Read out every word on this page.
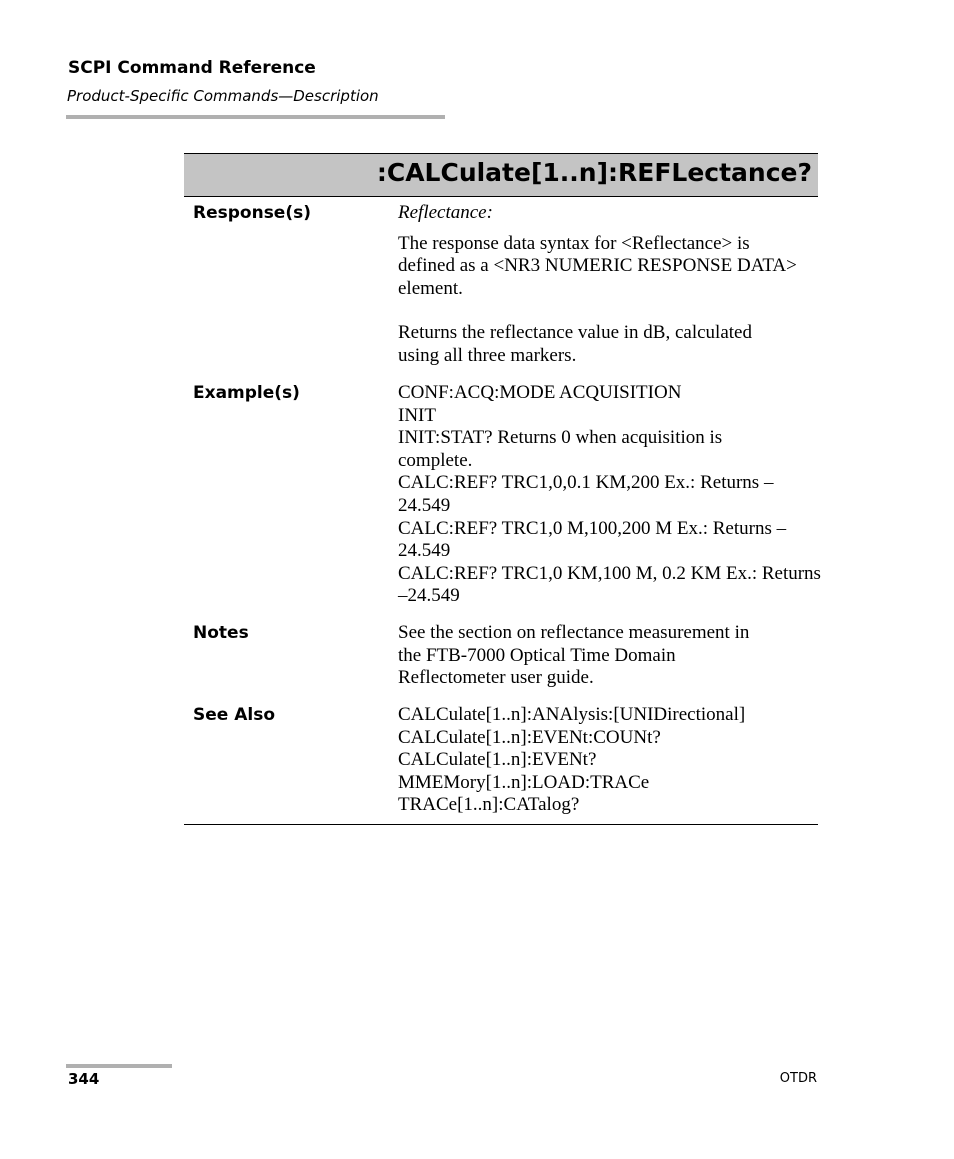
SCPI Command Reference
Product-Specific Commands—Description
:CALCulate[1..n]:REFLectance?
Response(s)	Reflectance:
The response data syntax for <Reflectance> is
defined as a <NR3 NUMERIC RESPONSE DATA>
element.
Returns the reflectance value in dB, calculated
using all three markers.
Example(s)	CONF:ACQ:MODE ACQUISITION
INIT
INIT:STAT? Returns 0 when acquisition is
complete.
CALC:REF? TRC1,0,0.1 KM,200 Ex.: Returns –
24.549
CALC:REF? TRC1,0 M,100,200 M Ex.: Returns –
24.549
CALC:REF? TRC1,0 KM,100 M, 0.2 KM Ex.: Returns
–24.549
Notes	See the section on reflectance measurement in
the FTB-7000 Optical Time Domain
Reflectometer user guide.
See Also	CALCulate[1..n]:ANAlysis:[UNIDirectional]
CALCulate[1..n]:EVENt:COUNt?
CALCulate[1..n]:EVENt?
MMEMory[1..n]:LOAD:TRACe
TRACe[1..n]:CATalog?
344	OTDR
